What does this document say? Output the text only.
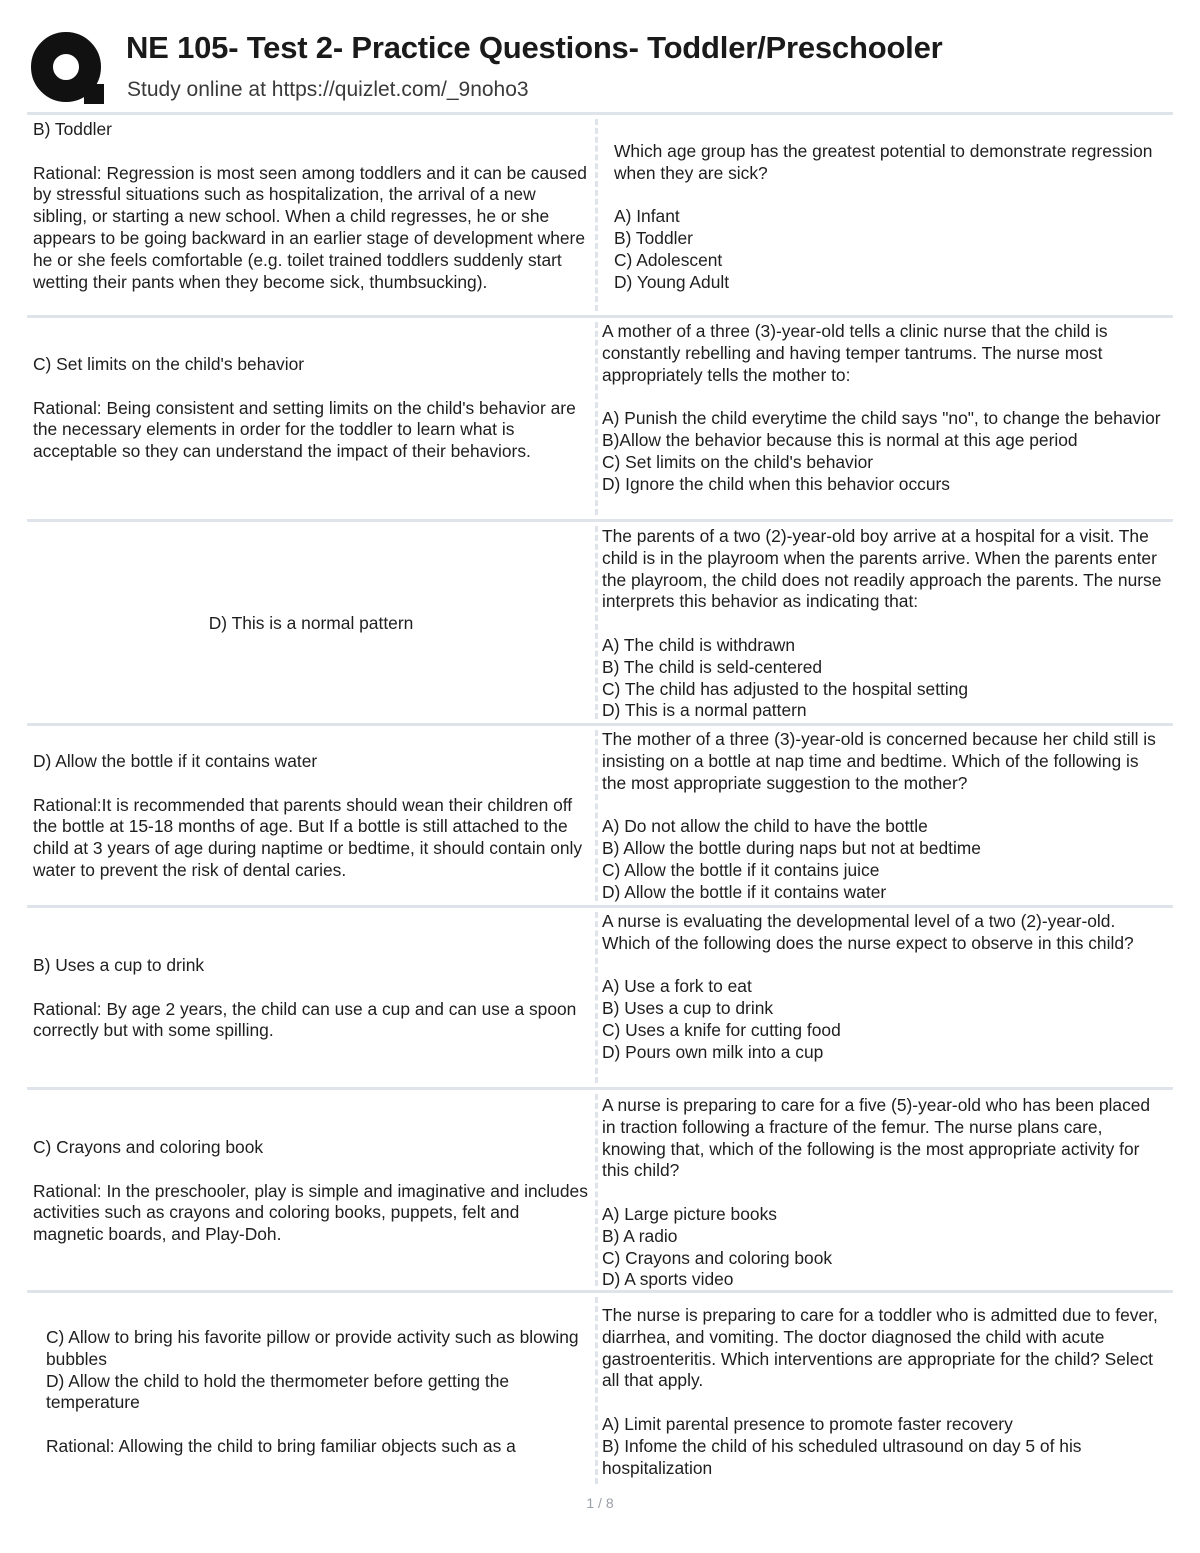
NE 105- Test 2- Practice Questions- Toddler/Preschooler
Study online at https://quizlet.com/_9noho3

B) Toddler

Rational: Regression is most seen among toddlers and it can be caused by stressful situations such as hospitalization, the arrival of a new sibling, or starting a new school. When a child regresses, he or she appears to be going backward in an earlier stage of development where he or she feels comfortable (e.g. toilet trained toddlers suddenly start wetting their pants when they become sick, thumbsucking).

Which age group has the greatest potential to demonstrate regression when they are sick?

A) Infant

B) Toddler

C) Adolescent

D) Young Adult

C) Set limits on the child's behavior

Rational: Being consistent and setting limits on the child's behavior are the necessary elements in order for the toddler to learn what is acceptable so they can understand the impact of their behaviors.

A mother of a three (3)-year-old tells a clinic nurse that the child is constantly rebelling and having temper tantrums. The nurse most appropriately tells the mother to:

A) Punish the child everytime the child says "no", to change the behavior

B)Allow the behavior because this is normal at this age period

C) Set limits on the child's behavior

D) Ignore the child when this behavior occurs

D) This is a normal pattern

The parents of a two (2)-year-old boy arrive at a hospital for a visit. The child is in the playroom when the parents arrive. When the parents enter the playroom, the child does not readily approach the parents. The nurse interprets this behavior as indicating that:

A) The child is withdrawn

B) The child is seld-centered

C) The child has adjusted to the hospital setting

D) This is a normal pattern

D) Allow the bottle if it contains water

Rational:It is recommended that parents should wean their children off the bottle at 15-18 months of age. But If a bottle is still attached to the child at 3 years of age during naptime or bedtime, it should contain only water to prevent the risk of dental caries.

The mother of a three (3)-year-old is concerned because her child still is insisting on a bottle at nap time and bedtime. Which of the following is the most appropriate suggestion to the mother?

A) Do not allow the child to have the bottle

B) Allow the bottle during naps but not at bedtime

C) Allow the bottle if it contains juice

D) Allow the bottle if it contains water

B) Uses a cup to drink

Rational: By age 2 years, the child can use a cup and can use a spoon correctly but with some spilling.

A nurse is evaluating the developmental level of a two (2)-year-old. Which of the following does the nurse expect to observe in this child?

A) Use a fork to eat

B) Uses a cup to drink

C) Uses a knife for cutting food

D) Pours own milk into a cup

C) Crayons and coloring book

Rational: In the preschooler, play is simple and imaginative and includes activities such as crayons and coloring books, puppets, felt and magnetic boards, and Play-Doh.

A nurse is preparing to care for a five (5)-year-old who has been placed in traction following a fracture of the femur. The nurse plans care, knowing that, which of the following is the most appropriate activity for this child?

A) Large picture books

B) A radio

C) Crayons and coloring book

D) A sports video

C) Allow to bring his favorite pillow or provide activity such as blowing bubbles

D) Allow the child to hold the thermometer before getting the temperature

Rational: Allowing the child to bring familiar objects such as a

The nurse is preparing to care for a toddler who is admitted due to fever, diarrhea, and vomiting. The doctor diagnosed the child with acute gastroenteritis. Which interventions are appropriate for the child? Select all that apply.

A) Limit parental presence to promote faster recovery

B) Infome the child of his scheduled ultrasound on day 5 of his hospitalization

1 / 8
